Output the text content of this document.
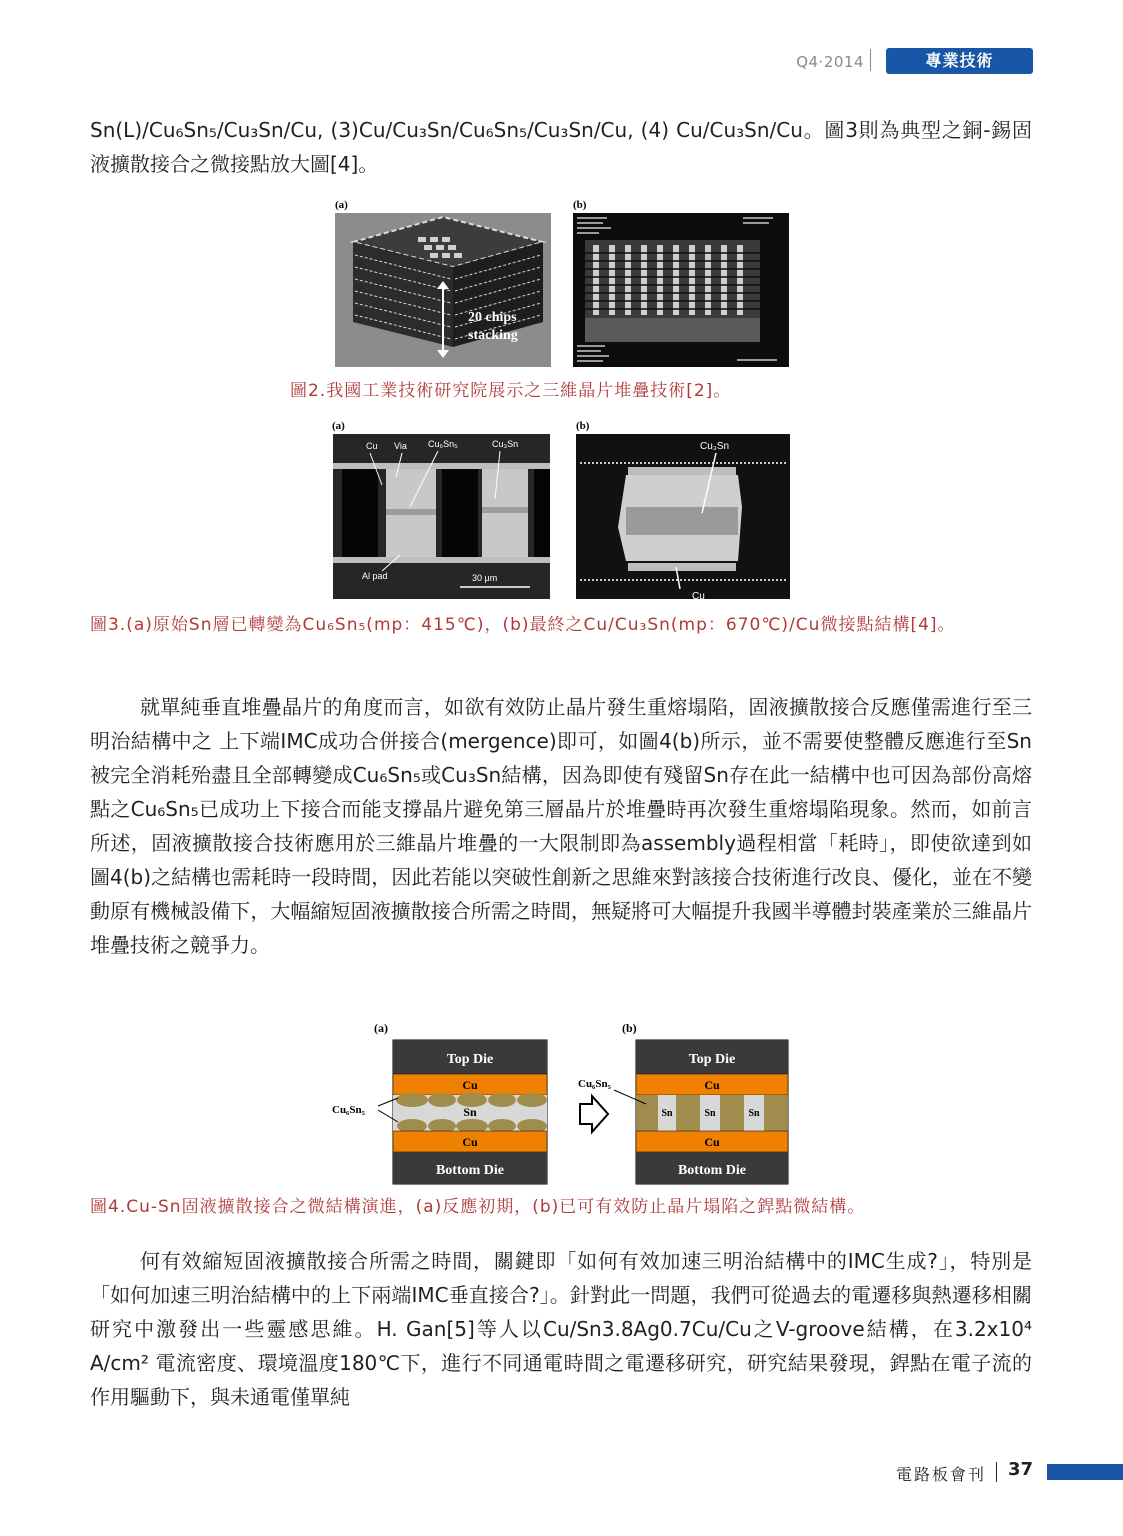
Q4‧2014	專業技術

Sn(L)/Cu₆Sn₅/Cu₃Sn/Cu, (3)Cu/Cu₃Sn/Cu₆Sn₅/Cu₃Sn/Cu, (4) Cu/Cu₃Sn/Cu。圖3則為典型之銅-錫固液擴散接合之微接點放大圖[4]。

(a)
20 chips
stacking
(b)

圖2.我國工業技術研究院展示之三維晶片堆疊技術[2]。

(a)
Cu Via Cu₆Sn₅	Cu₃Sn
Al pad	30 μm
(b)
Cu₃Sn
Cu

圖3.(a)原始Sn層已轉變為Cu₆Sn₅(mp：415℃)，(b)最終之Cu/Cu₃Sn(mp：670℃)/Cu微接點結構[4]。

就單純垂直堆疊晶片的角度而言，如欲有效防止晶片發生重熔塌陷，固液擴散接合反應僅需進行至三明治結構中之 上下端IMC成功合併接合(mergence)即可，如圖4(b)所示，並不需要使整體反應進行至Sn被完全消耗殆盡且全部轉變成Cu₆Sn₅或Cu₃Sn結構，因為即使有殘留Sn存在此一結構中也可因為部份高熔點之Cu₆Sn₅已成功上下接合而能支撐晶片避免第三層晶片於堆疊時再次發生重熔塌陷現象。然而，如前言所述，固液擴散接合技術應用於三維晶片堆疊的一大限制即為assembly過程相當「耗時」，即使欲達到如圖4(b)之結構也需耗時一段時間，因此若能以突破性創新之思維來對該接合技術進行改良、優化，並在不變動原有機械設備下，大幅縮短固液擴散接合所需之時間，無疑將可大幅提升我國半導體封裝產業於三維晶片堆疊技術之競爭力。

(a)	(b)
Top Die
Cu
Sn
Cu
Bottom Die
Cu₆Sn₅
Top Die
Cu
Sn	Sn	Sn
Cu
Bottom Die
Cu₆Sn₅

圖4.Cu-Sn固液擴散接合之微結構演進，(a)反應初期，(b)已可有效防止晶片塌陷之銲點微結構。

何有效縮短固液擴散接合所需之時間，關鍵即「如何有效加速三明治結構中的IMC生成?」，特別是「如何加速三明治結構中的上下兩端IMC垂直接合?」。針對此一問題，我們可從過去的電遷移與熱遷移相關研究中激發出一些靈感思維。H. Gan[5]等人以Cu/Sn3.8Ag0.7Cu/Cu之V-groove結構，在3.2x10⁴ A/cm² 電流密度、環境溫度180℃下，進行不同通電時間之電遷移研究，研究結果發現，銲點在電子流的作用驅動下，與未通電僅單純

電路板會刊 37
